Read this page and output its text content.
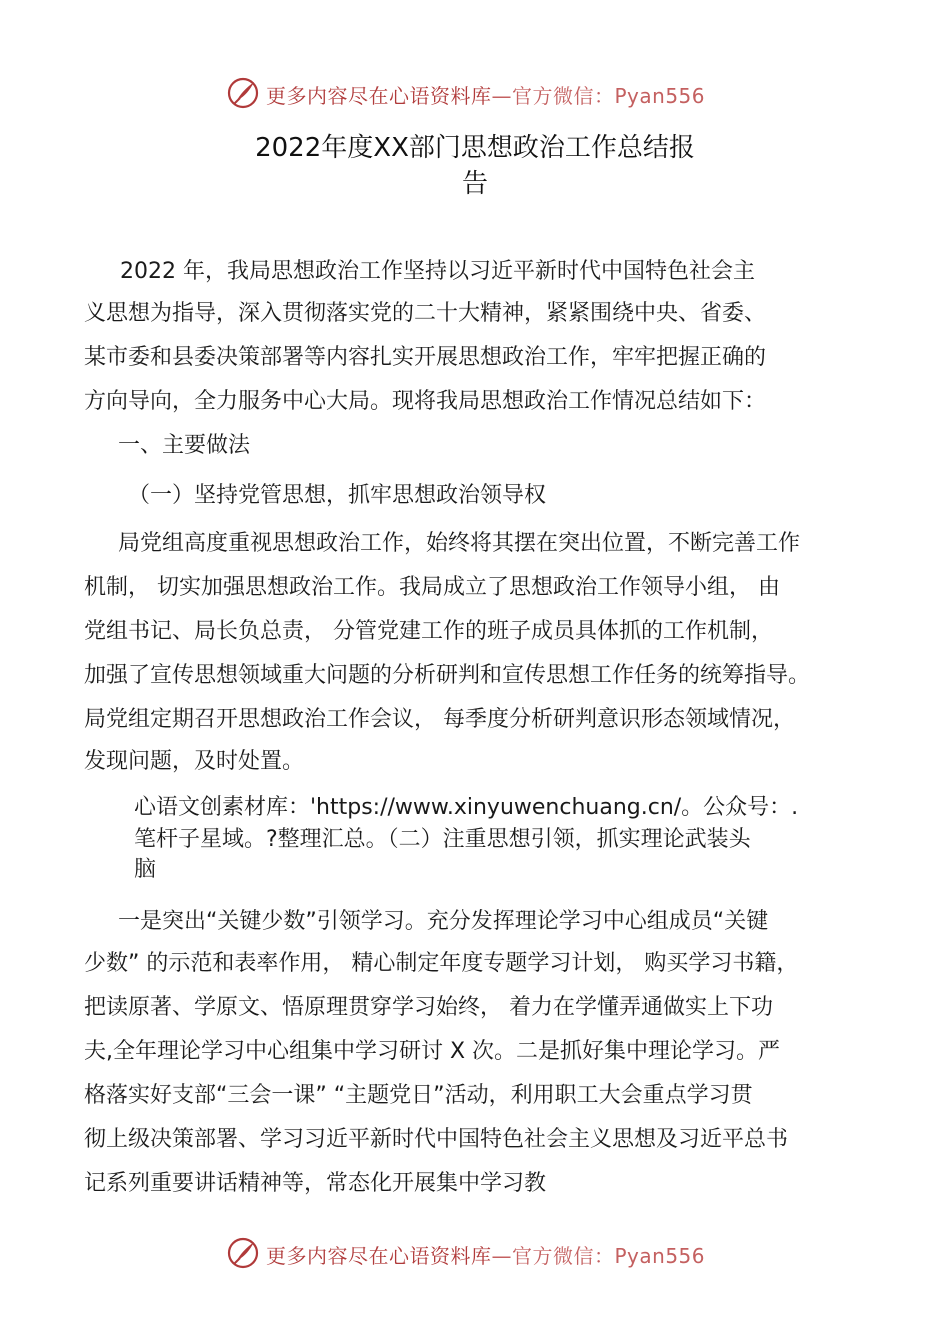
更多内容尽在心语资料库—官方微信：Pyan556
2022年度XX部门思想政治工作总结报
告
2022 年，我局思想政治工作坚持以习近平新时代中国特色社会主
义思想为指导，深入贯彻落实党的二十大精神，紧紧围绕中央、省委、
某市委和县委决策部署等内容扎实开展思想政治工作，牢牢把握正确的
方向导向，全力服务中心大局。现将我局思想政治工作情况总结如下：
一、主要做法
（一）坚持党管思想，抓牢思想政治领导权
局党组高度重视思想政治工作，始终将其摆在突出位置，不断完善工作
机制， 切实加强思想政治工作。我局成立了思想政治工作领导小组， 由
党组书记、局长负总责， 分管党建工作的班子成员具体抓的工作机制，
加强了宣传思想领域重大问题的分析研判和宣传思想工作任务的统筹指导。
局党组定期召开思想政治工作会议， 每季度分析研判意识形态领域情况，
发现问题，及时处置。
心语文创素材库：'https://www.xinyuwenchuang.cn/。公众号：.
笔杆子星域。?整理汇总。（二）注重思想引领，抓实理论武装头
脑
一是突出“关键少数”引领学习。充分发挥理论学习中心组成员“关键
少数” 的示范和表率作用， 精心制定年度专题学习计划， 购买学习书籍，
把读原著、学原文、悟原理贯穿学习始终， 着力在学懂弄通做实上下功
夫,全年理论学习中心组集中学习研讨 X 次。二是抓好集中理论学习。严
格落实好支部“三会一课” “主题党日”活动，利用职工大会重点学习贯
彻上级决策部署、学习习近平新时代中国特色社会主义思想及习近平总书
记系列重要讲话精神等，常态化开展集中学习教
更多内容尽在心语资料库—官方微信：Pyan556
